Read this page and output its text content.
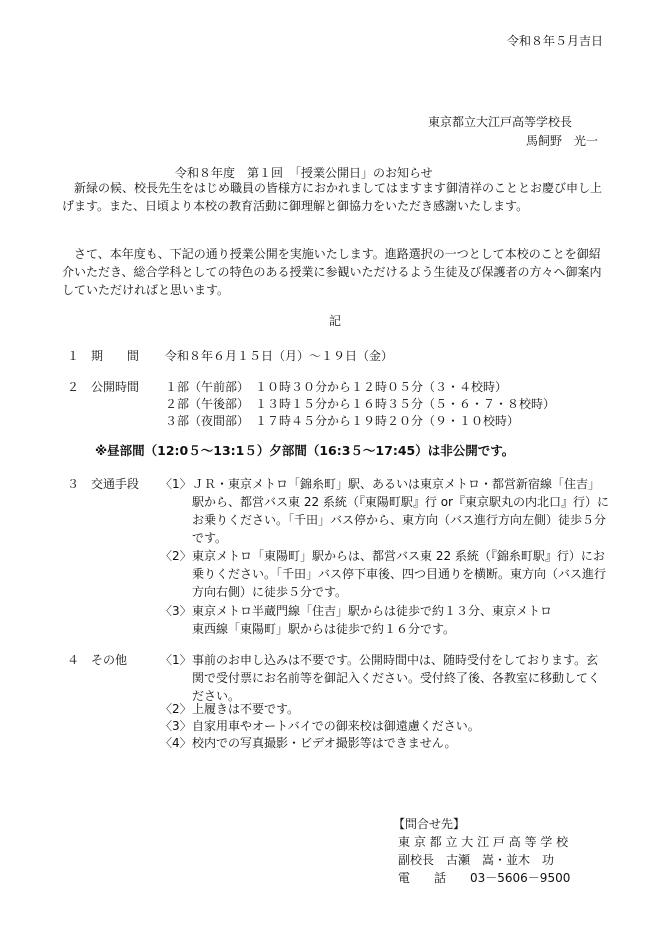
令和８年５月吉日
東京都立大江戸高等学校長
馬飼野　光一
令和８年度　第１回　「授業公開日」のお知らせ
新緑の候、校長先生をはじめ職員の皆様方におかれましてはますます御清祥のこととお慶び申し上げます。また、日頃より本校の教育活動に御理解と御協力をいただき感謝いたします。
さて、本年度も、下記の通り授業公開を実施いたします。進路選択の一つとして本校のことを御紹介いただき、総合学科としての特色のある授業に参観いただけるよう生徒及び保護者の方々へ御案内していただければと思います。
記
１　期　　間 令和８年６月１５日（月）～１９日（金）
２　公開時間 １部（午前部）　１０時３０分から１２時０５分（３・４校時）
２部（午後部）　１３時１５分から１６時３５分（５・６・７・８校時）
３部（夜間部）　１７時４５分から１９時２０分（９・１０校時）
※昼部間（12:0５～13:1５）夕部間（16:3５～17:45）は非公開です。
３　交通手段 〈1〉 ＪＲ・東京メトロ「錦糸町」駅、あるいは東京メトロ・都営新宿線「住吉」駅から、都営バス東 22 系統（『東陽町駅』行 or『東京駅丸の内北口』行）にお乗りください。「千田」バス停から、東方向（バス進行方向左側）徒歩５分です。
〈2〉 東京メトロ「東陽町」駅からは、都営バス東 22 系統（『錦糸町駅』行）にお乗りください。「千田」バス停下車後、四つ目通りを横断。東方向（バス進行方向右側）に徒歩５分です。
〈3〉 東京メトロ半蔵門線「住吉」駅からは徒歩で約１３分、東京メトロ東西線「東陽町」駅からは徒歩で約１６分です。
４　その他	〈1〉 事前のお申し込みは不要です。公開時間中は、随時受付をしております。玄関で受付票にお名前等を御記入ください。受付終了後、各教室に移動してください。
〈2〉 上履きは不要です。
〈3〉 自家用車やオートバイでの御来校は御遠慮ください。
〈4〉 校内での写真撮影・ビデオ撮影等はできません。
【問合せ先】
東 京 都 立 大 江 戸 高 等 学 校
副校長　古瀬　嵩・並木　功
電　　話　　03－5606－9500
